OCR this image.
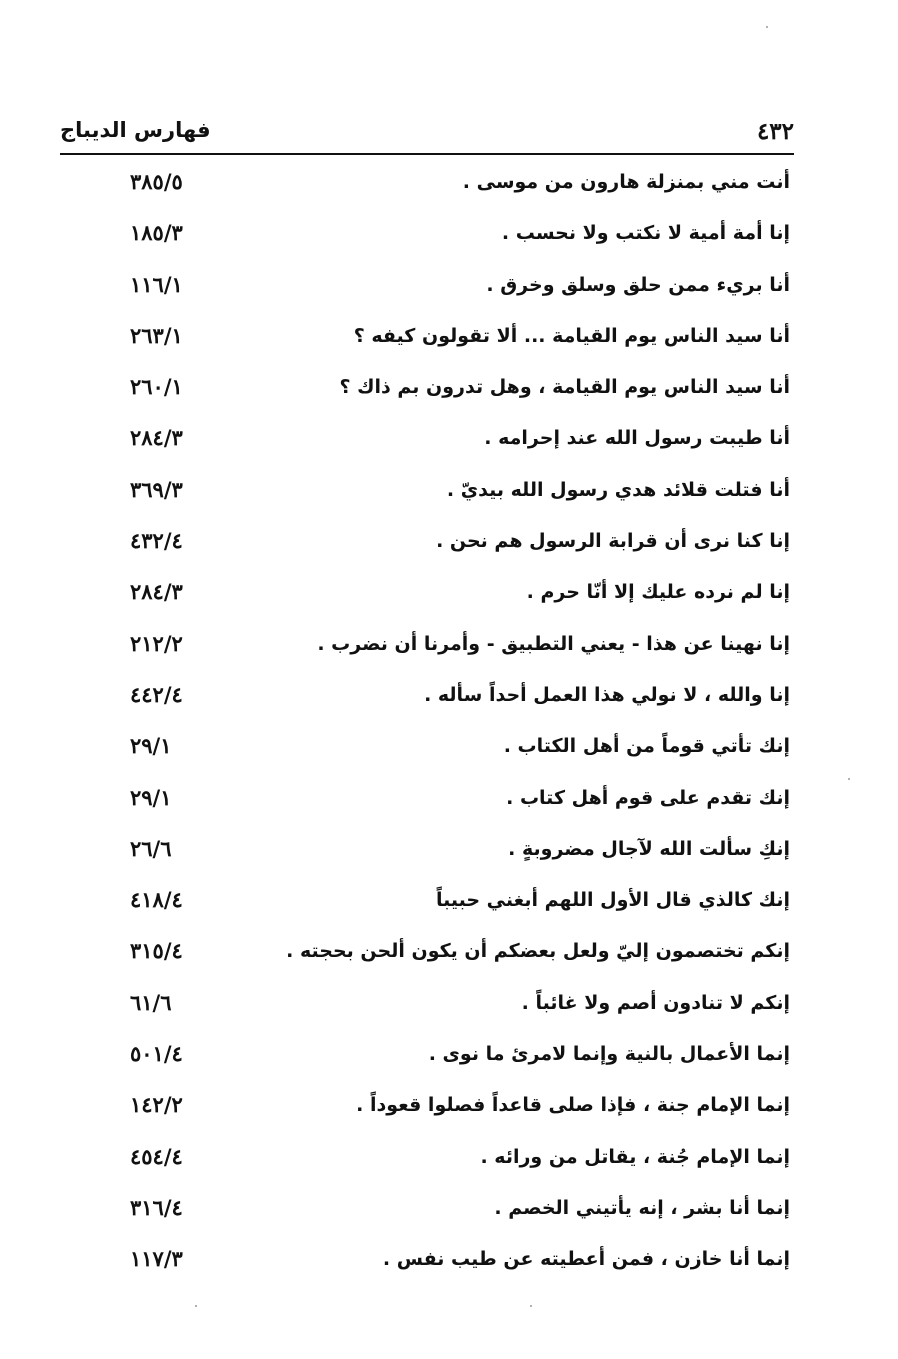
٤٣٢
فهارس الديباج
أنت مني بمنزلة هارون من موسى .
٣٨٥/٥
إنا أمة أمية لا نكتب ولا نحسب .
١٨٥/٣
أنا بريء ممن حلق وسلق وخرق .
١١٦/١
أنا سيد الناس يوم القيامة ... ألا تقولون كيفه ؟
٢٦٣/١
أنا سيد الناس يوم القيامة ، وهل تدرون بم ذاك ؟
٢٦٠/١
أنا طيبت رسول الله عند إحرامه .
٢٨٤/٣
أنا فتلت قلائد هدي رسول الله بيديّ .
٣٦٩/٣
إنا كنا نرى أن قرابة الرسول هم نحن .
٤٣٢/٤
إنا لم نرده عليك إلا أنّا حرم .
٢٨٤/٣
إنا نهينا عن هذا - يعني التطبيق - وأمرنا أن نضرب .
٢١٢/٢
إنا والله ، لا نولي هذا العمل أحداً سأله .
٤٤٢/٤
إنك تأتي قوماً من أهل الكتاب .
٢٩/١
إنك تقدم على قوم أهل كتاب .
٢٩/١
إنكِ سألت الله لآجال مضروبةٍ .
٢٦/٦
إنك كالذي قال الأول اللهم أبغني حبيباً
٤١٨/٤
إنكم تختصمون إليّ ولعل بعضكم أن يكون ألحن بحجته .
٣١٥/٤
إنكم لا تنادون أصم ولا غائباً .
٦١/٦
إنما الأعمال بالنية وإنما لامرئ ما نوى .
٥٠١/٤
إنما الإمام جنة ، فإذا صلى قاعداً فصلوا قعوداً .
١٤٢/٢
إنما الإمام جُنة ، يقاتل من ورائه .
٤٥٤/٤
إنما أنا بشر ، إنه يأتيني الخصم .
٣١٦/٤
إنما أنا خازن ، فمن أعطيته عن طيب نفس .
١١٧/٣
